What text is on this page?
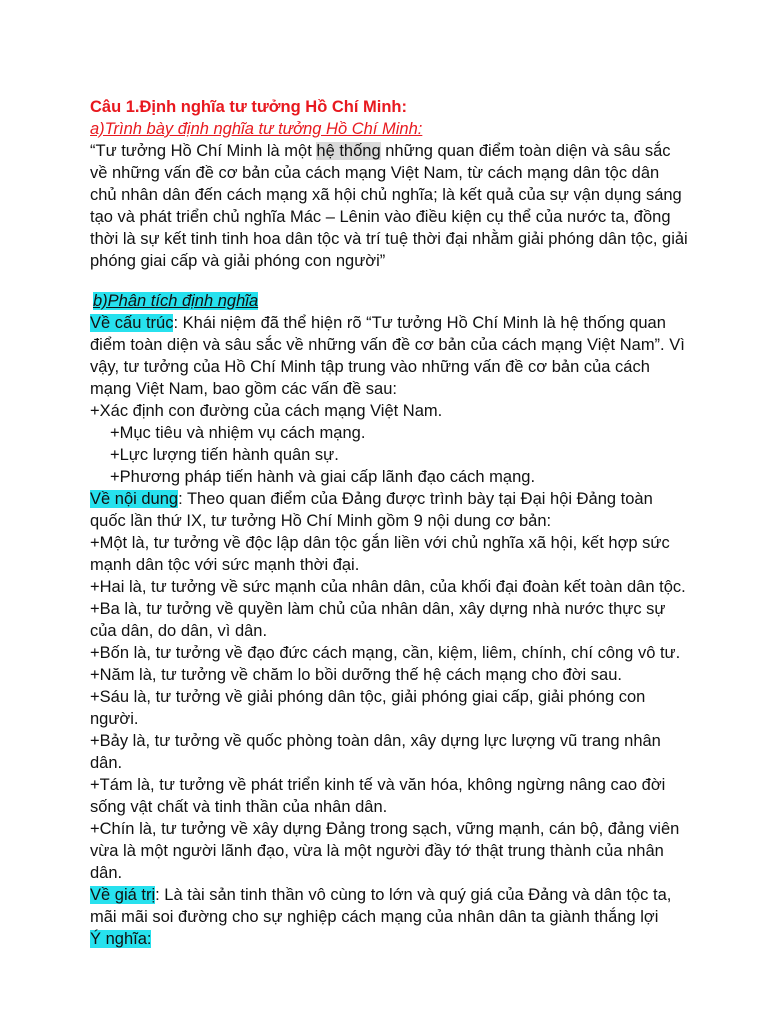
Câu 1.Định nghĩa tư tưởng Hồ Chí Minh:

a)Trình bày định nghĩa tư tưởng Hồ Chí Minh:

“Tư tưởng Hồ Chí Minh là một hệ thống những quan điểm toàn diện và sâu sắc về những vấn đề cơ bản của cách mạng Việt Nam, từ cách mạng dân tộc dân chủ nhân dân đến cách mạng xã hội chủ nghĩa; là kết quả của sự vận dụng sáng tạo và phát triển chủ nghĩa Mác – Lênin vào điều kiện cụ thể của nước ta, đồng thời là sự kết tinh tinh hoa dân tộc và trí tuệ thời đại nhằm giải phóng dân tộc, giải phóng giai cấp và giải phóng con người”

b)Phân tích định nghĩa

Về cấu trúc: Khái niệm đã thể hiện rõ “Tư tưởng Hồ Chí Minh là hệ thống quan điểm toàn diện và sâu sắc về những vấn đề cơ bản của cách mạng Việt Nam”. Vì vậy, tư tưởng của Hồ Chí Minh tập trung vào những vấn đề cơ bản của cách mạng Việt Nam, bao gồm các vấn đề sau:

+Xác định con đường của cách mạng Việt Nam.

+Mục tiêu và nhiệm vụ cách mạng.

+Lực lượng tiến hành quân sự.

+Phương pháp tiến hành và giai cấp lãnh đạo cách mạng.

Về nội dung: Theo quan điểm của Đảng được trình bày tại Đại hội Đảng toàn quốc lần thứ IX, tư tưởng Hồ Chí Minh gồm 9 nội dung cơ bản:

+Một là, tư tưởng về độc lập dân tộc gắn liền với chủ nghĩa xã hội, kết hợp sức mạnh dân tộc với sức mạnh thời đại.

+Hai là, tư tưởng về sức mạnh của nhân dân, của khối đại đoàn kết toàn dân tộc.

+Ba là, tư tưởng về quyền làm chủ của nhân dân, xây dựng nhà nước thực sự của dân, do dân, vì dân.

+Bốn là, tư tưởng về đạo đức cách mạng, cần, kiệm, liêm, chính, chí công vô tư.

+Năm là, tư tưởng về chăm lo bồi dưỡng thế hệ cách mạng cho đời sau.

+Sáu là, tư tưởng về giải phóng dân tộc, giải phóng giai cấp, giải phóng con người.

+Bảy là, tư tưởng về quốc phòng toàn dân, xây dựng lực lượng vũ trang nhân dân.

+Tám là, tư tưởng về phát triển kinh tế và văn hóa, không ngừng nâng cao đời sống vật chất và tinh thần của nhân dân.

+Chín là, tư tưởng về xây dựng Đảng trong sạch, vững mạnh, cán bộ, đảng viên vừa là một người lãnh đạo, vừa là một người đầy tớ thật trung thành của nhân dân.

Về giá trị: Là tài sản tinh thần vô cùng to lớn và quý giá của Đảng và dân tộc ta, mãi mãi soi đường cho sự nghiệp cách mạng của nhân dân ta giành thắng lợi

Ý nghĩa:
